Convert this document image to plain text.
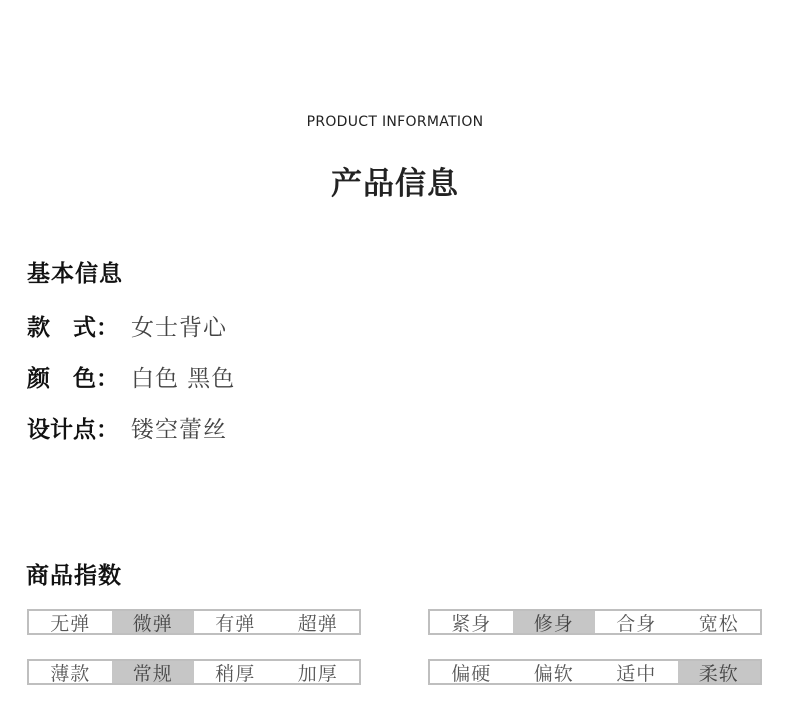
PRODUCT INFORMATION
产品信息
基本信息
款　式： 女士背心
颜　色： 白色 黑色
设计点： 镂空蕾丝
商品指数
无弹	微弹	有弹	超弹	紧身	修身	合身	宽松
薄款	常规	稍厚	加厚	偏硬	偏软	适中	柔软
